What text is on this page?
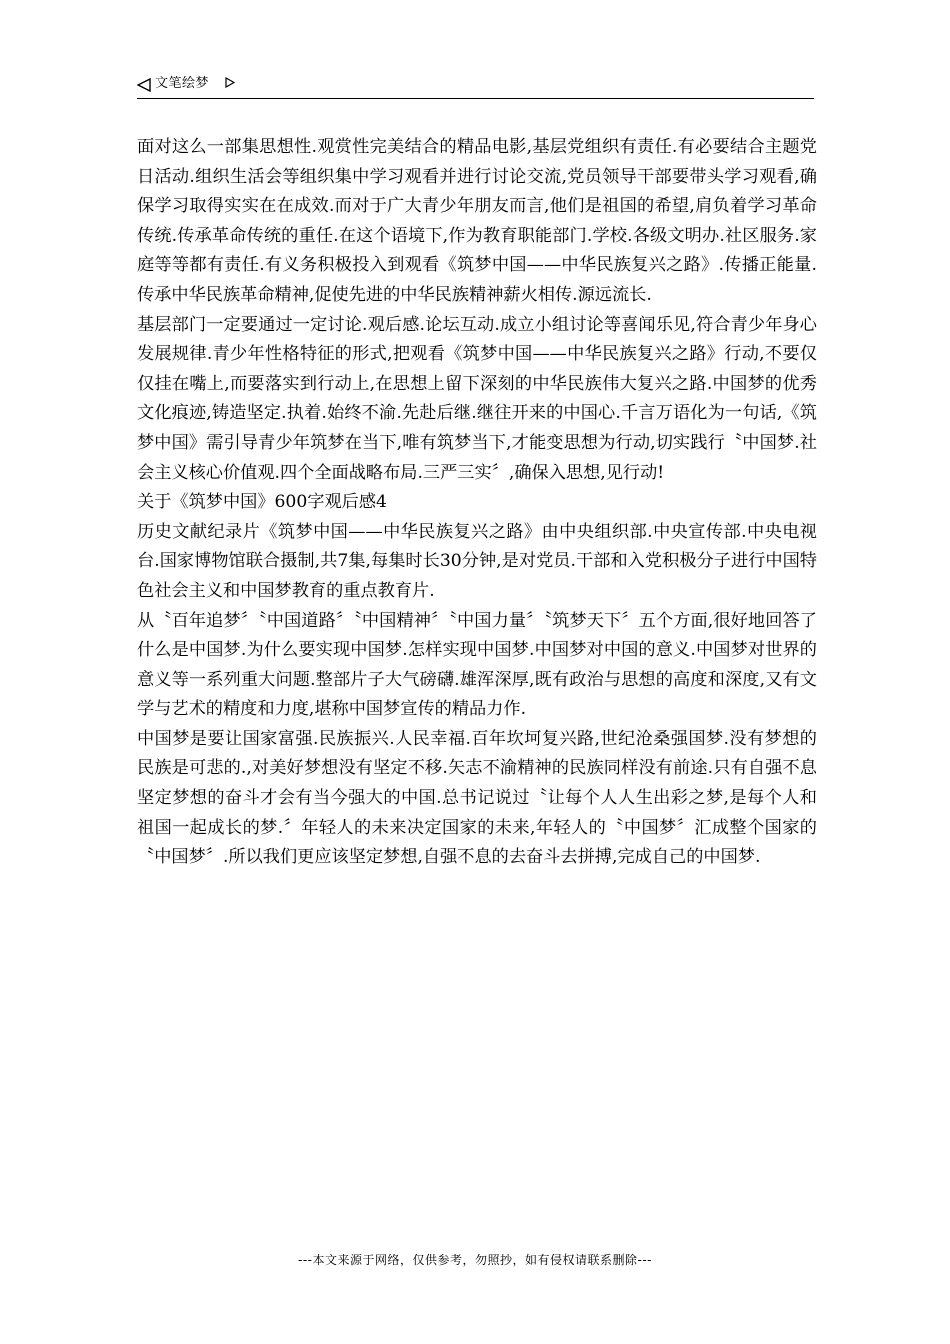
文笔绘梦

面对这么一部集思想性.观赏性完美结合的精品电影,基层党组织有责任.有必要结合主题党日活动.组织生活会等组织集中学习观看并进行讨论交流,党员领导干部要带头学习观看,确保学习取得实实在在成效.而对于广大青少年朋友而言,他们是祖国的希望,肩负着学习革命传统.传承革命传统的重任.在这个语境下,作为教育职能部门.学校.各级文明办.社区服务.家庭等等都有责任.有义务积极投入到观看《筑梦中国——中华民族复兴之路》.传播正能量.传承中华民族革命精神,促使先进的中华民族精神薪火相传.源远流长.

基层部门一定要通过一定讨论.观后感.论坛互动.成立小组讨论等喜闻乐见,符合青少年身心发展规律.青少年性格特征的形式,把观看《筑梦中国——中华民族复兴之路》行动,不要仅仅挂在嘴上,而要落实到行动上,在思想上留下深刻的中华民族伟大复兴之路.中国梦的优秀文化痕迹,铸造坚定.执着.始终不渝.先赴后继.继往开来的中国心.千言万语化为一句话,《筑梦中国》需引导青少年筑梦在当下,唯有筑梦当下,才能变思想为行动,切实践行〝中国梦.社会主义核心价值观.四个全面战略布局.三严三实〞,确保入思想,见行动!

关于《筑梦中国》600字观后感4

历史文献纪录片《筑梦中国——中华民族复兴之路》由中央组织部.中央宣传部.中央电视台.国家博物馆联合摄制,共7集,每集时长30分钟,是对党员.干部和入党积极分子进行中国特色社会主义和中国梦教育的重点教育片.

从〝百年追梦〞〝中国道路〞〝中国精神〞〝中国力量〞〝筑梦天下〞五个方面,很好地回答了什么是中国梦.为什么要实现中国梦.怎样实现中国梦.中国梦对中国的意义.中国梦对世界的意义等一系列重大问题.整部片子大气磅礴.雄浑深厚,既有政治与思想的高度和深度,又有文学与艺术的精度和力度,堪称中国梦宣传的精品力作.

中国梦是要让国家富强.民族振兴.人民幸福.百年坎坷复兴路,世纪沧桑强国梦.没有梦想的民族是可悲的.,对美好梦想没有坚定不移.矢志不渝精神的民族同样没有前途.只有自强不息坚定梦想的奋斗才会有当今强大的中国.总书记说过〝让每个人人生出彩之梦,是每个人和祖国一起成长的梦.〞年轻人的未来决定国家的未来,年轻人的〝中国梦〞汇成整个国家的〝中国梦〞.所以我们更应该坚定梦想,自强不息的去奋斗去拼搏,完成自己的中国梦.

---本文来源于网络，仅供参考，勿照抄，如有侵权请联系删除---
